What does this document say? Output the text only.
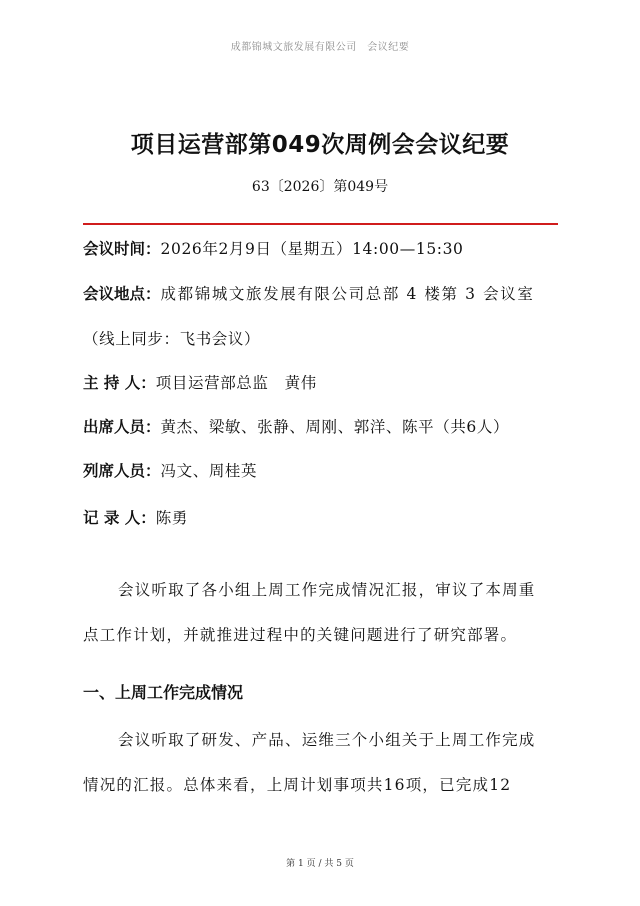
成都锦城文旅发展有限公司　会议纪要
项目运营部第049次周例会会议纪要
63〔2026〕第049号
会议时间：2026年2月9日（星期五）14:00—15:30
会议地点：成都锦城文旅发展有限公司总部 4 楼第 3 会议室
（线上同步：飞书会议）
主 持 人：项目运营部总监　黄伟
出席人员：黄杰、梁敏、张静、周刚、郭洋、陈平（共6人）
列席人员：冯文、周桂英
记 录 人：陈勇
会议听取了各小组上周工作完成情况汇报，审议了本周重
点工作计划，并就推进过程中的关键问题进行了研究部署。
一、上周工作完成情况
会议听取了研发、产品、运维三个小组关于上周工作完成
情况的汇报。总体来看，上周计划事项共16项，已完成12
第 1 页 / 共 5 页
